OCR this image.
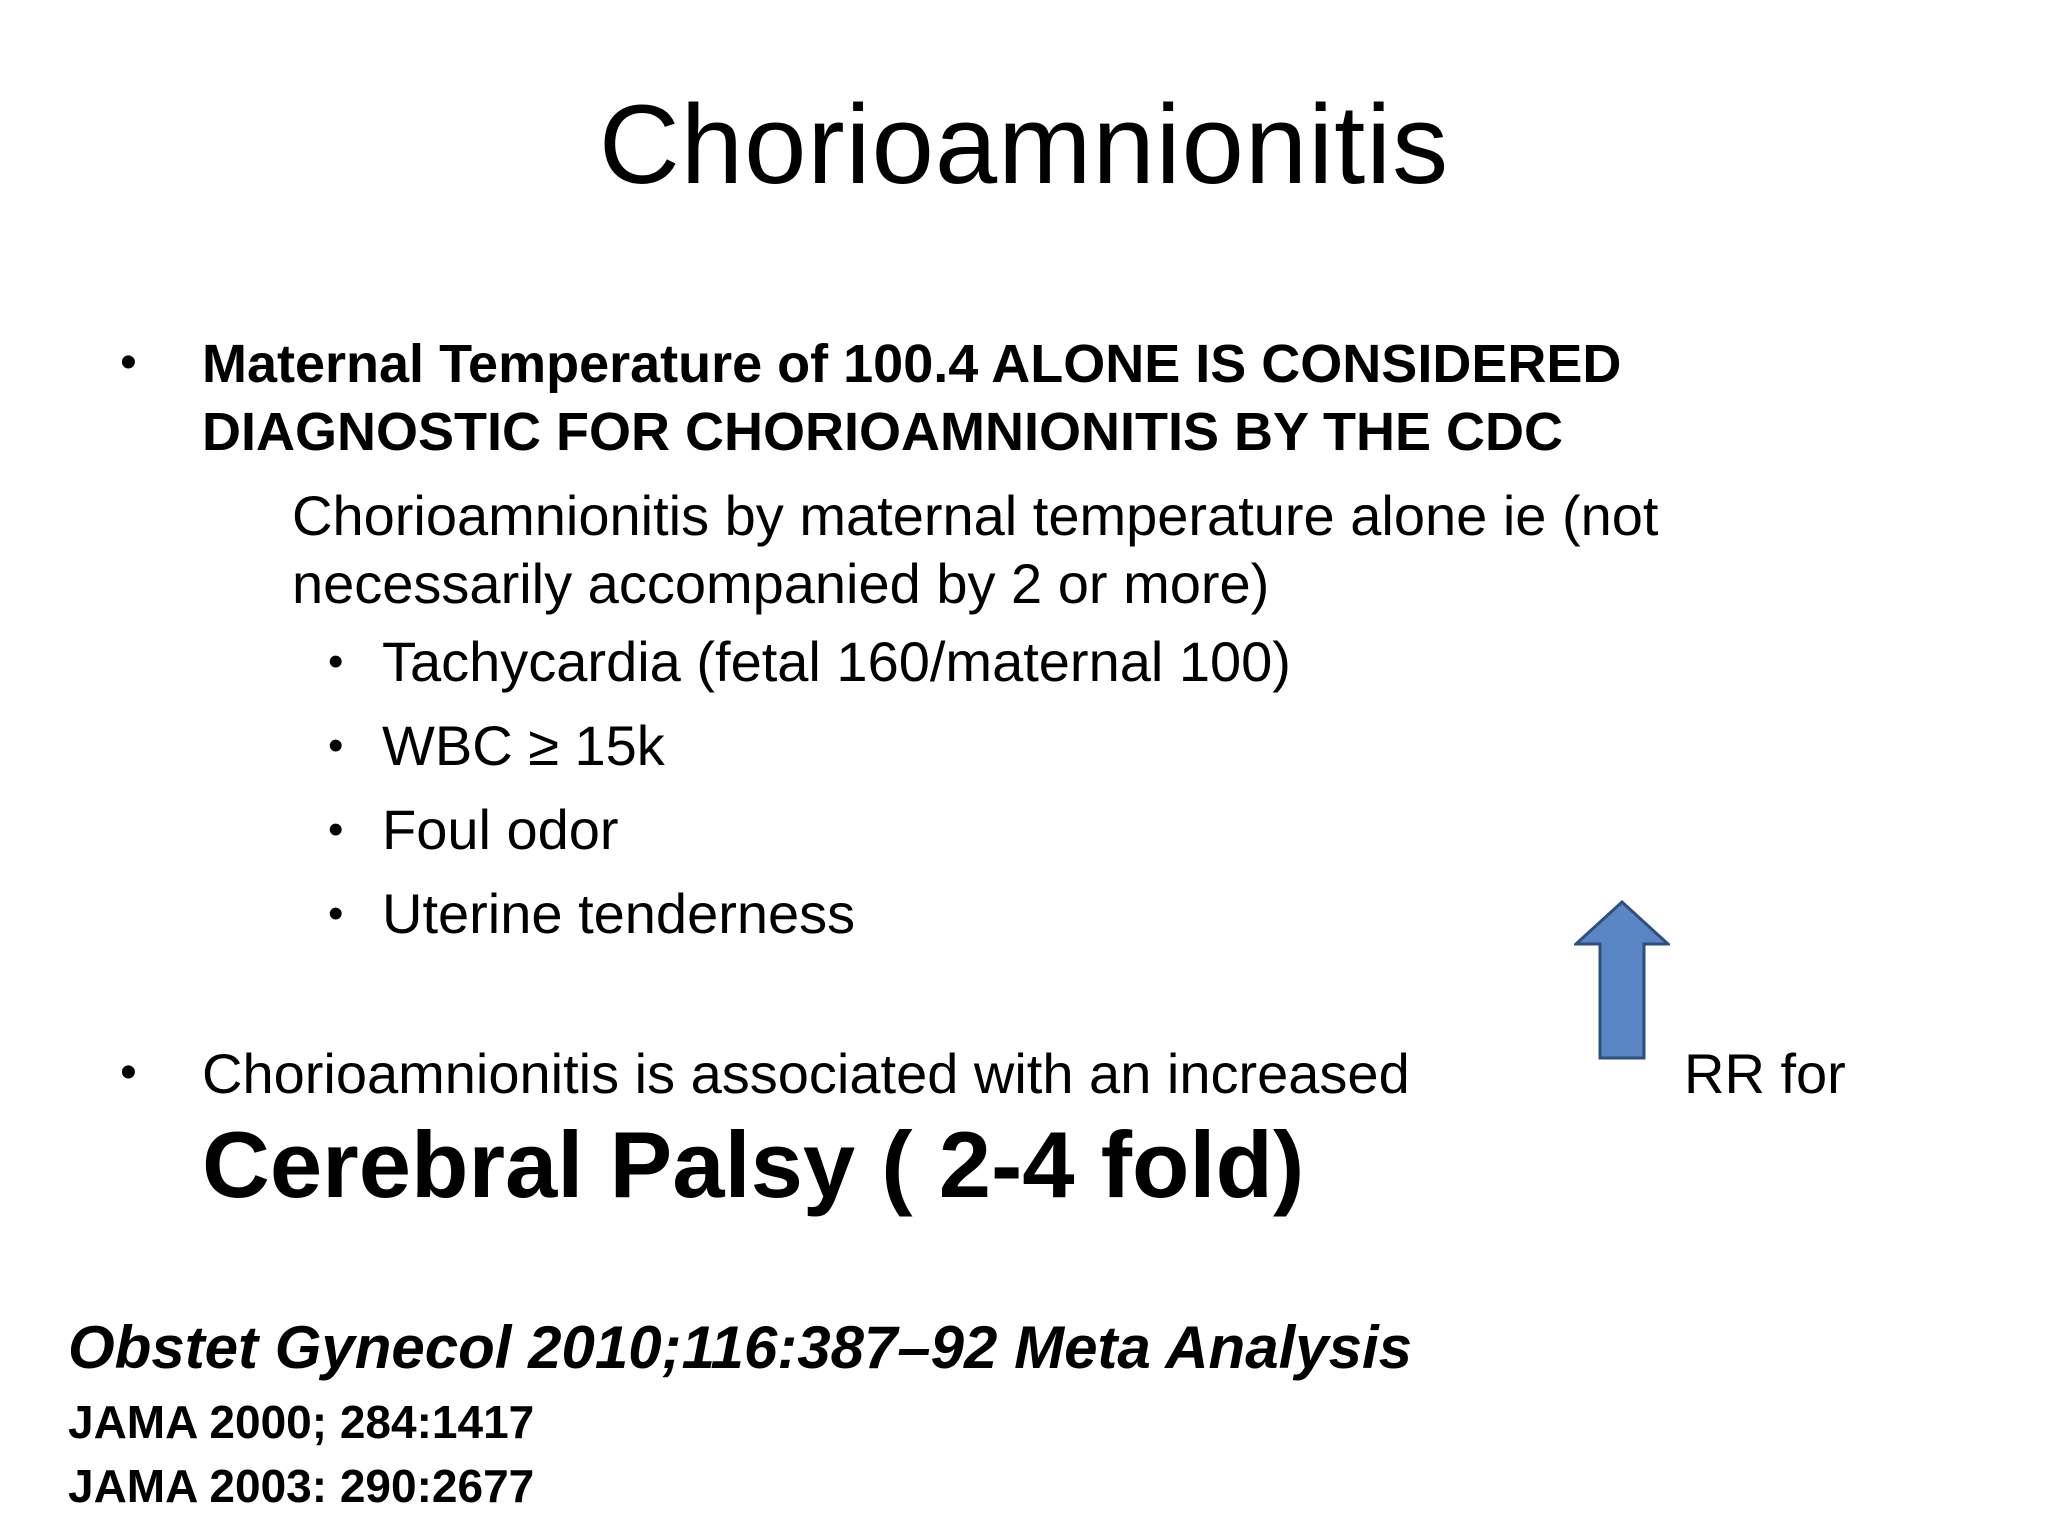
Chorioamnionitis
•	Maternal Temperature of 100.4 ALONE IS CONSIDERED DIAGNOSTIC FOR CHORIOAMNIONITIS BY THE CDC
Chorioamnionitis by maternal temperature alone ie (not necessarily accompanied by 2 or more)
• Tachycardia (fetal 160/maternal 100)
• WBC ≥ 15k
• Foul odor
• Uterine tenderness
•	Chorioamnionitis is associated with an increased	RR for
Cerebral Palsy ( 2-4 fold)
Obstet Gynecol 2010;116:387–92 Meta Analysis
JAMA 2000; 284:1417
JAMA 2003: 290:2677
